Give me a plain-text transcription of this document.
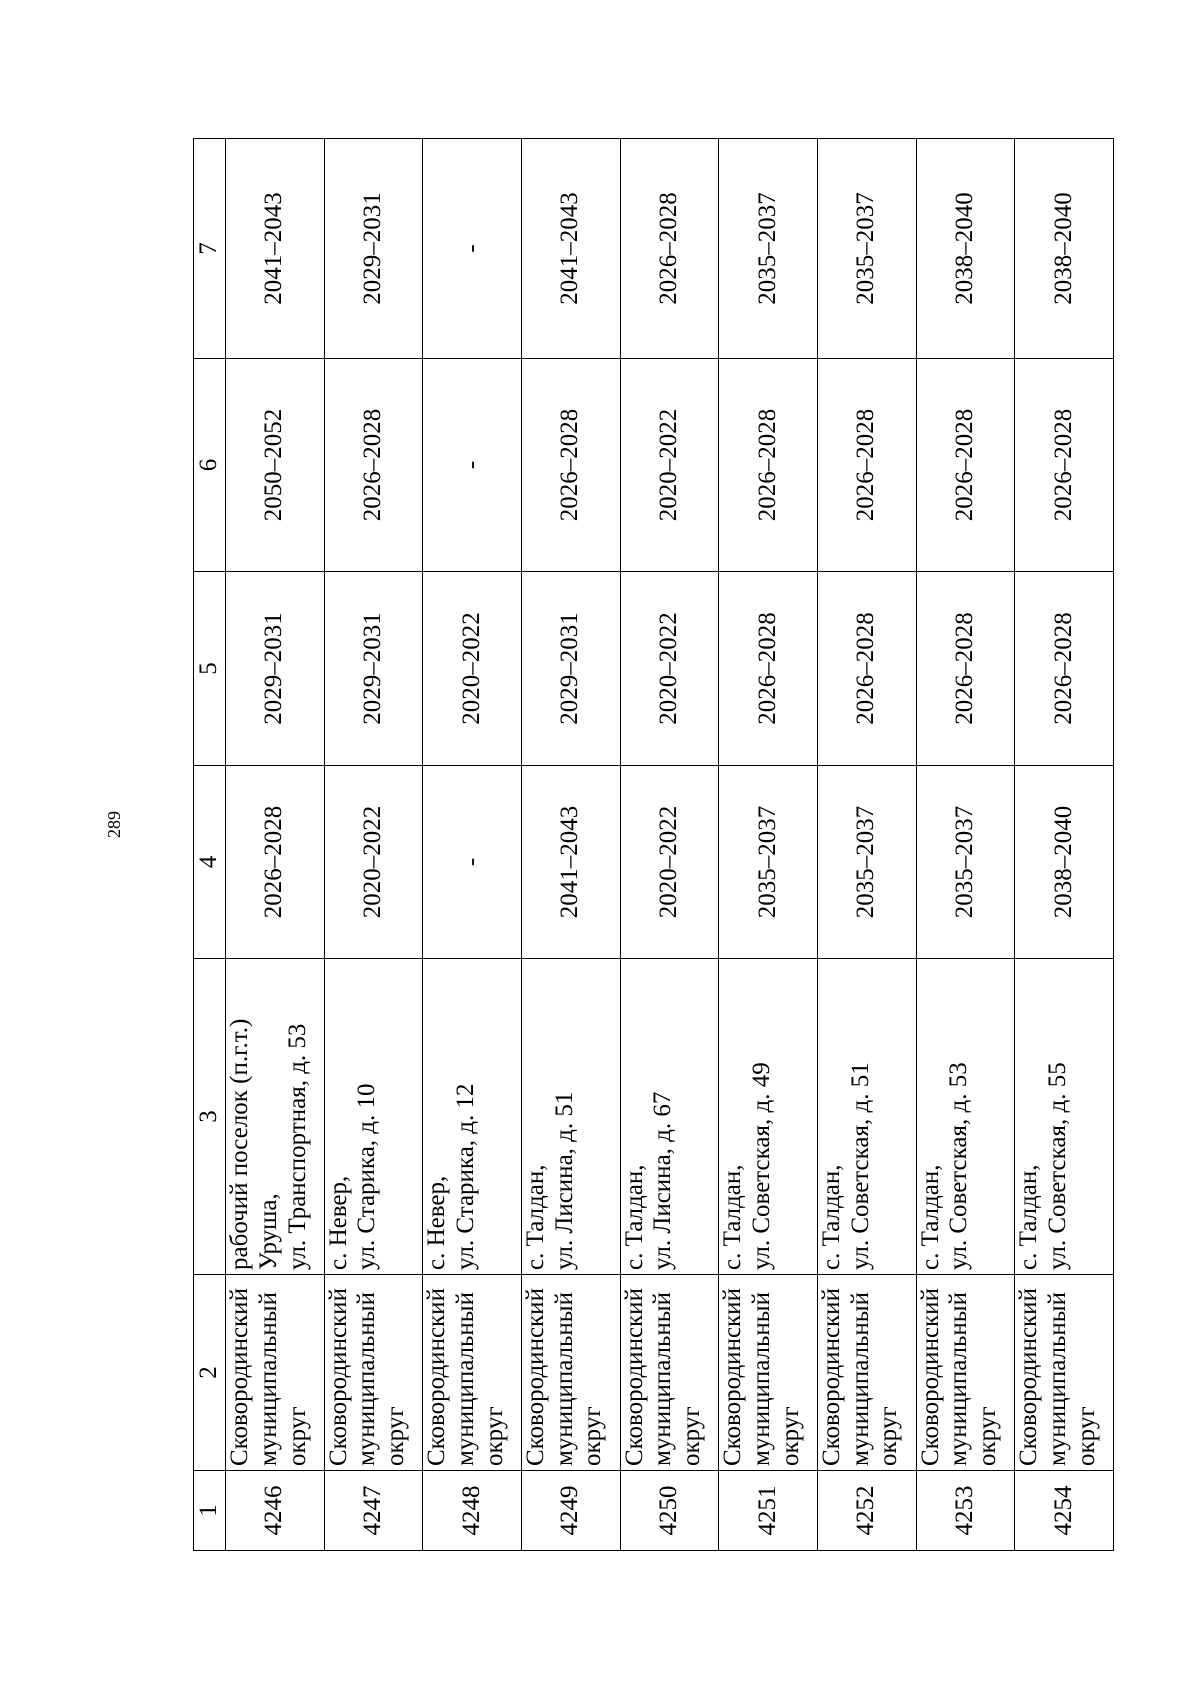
289
1	2	3	4	5	6	7
4246	Сковородинский муниципальный округ	рабочий поселок (п.г.т.) Уруша, ул. Транспортная, д. 53	2026–2028	2029–2031	2050–2052	2041–2043
4247	Сковородинский муниципальный округ	с. Невер, ул. Старика, д. 10	2020–2022	2029–2031	2026–2028	2029–2031
4248	Сковородинский муниципальный округ	с. Невер, ул. Старика, д. 12	-	2020–2022	-	-
4249	Сковородинский муниципальный округ	с. Талдан, ул. Лисина, д. 51	2041–2043	2029–2031	2026–2028	2041–2043
4250	Сковородинский муниципальный округ	с. Талдан, ул. Лисина, д. 67	2020–2022	2020–2022	2020–2022	2026–2028
4251	Сковородинский муниципальный округ	с. Талдан, ул. Советская, д. 49	2035–2037	2026–2028	2026–2028	2035–2037
4252	Сковородинский муниципальный округ	с. Талдан, ул. Советская, д. 51	2035–2037	2026–2028	2026–2028	2035–2037
4253	Сковородинский муниципальный округ	с. Талдан, ул. Советская, д. 53	2035–2037	2026–2028	2026–2028	2038–2040
4254	Сковородинский муниципальный округ	с. Талдан, ул. Советская, д. 55	2038–2040	2026–2028	2026–2028	2038–2040
